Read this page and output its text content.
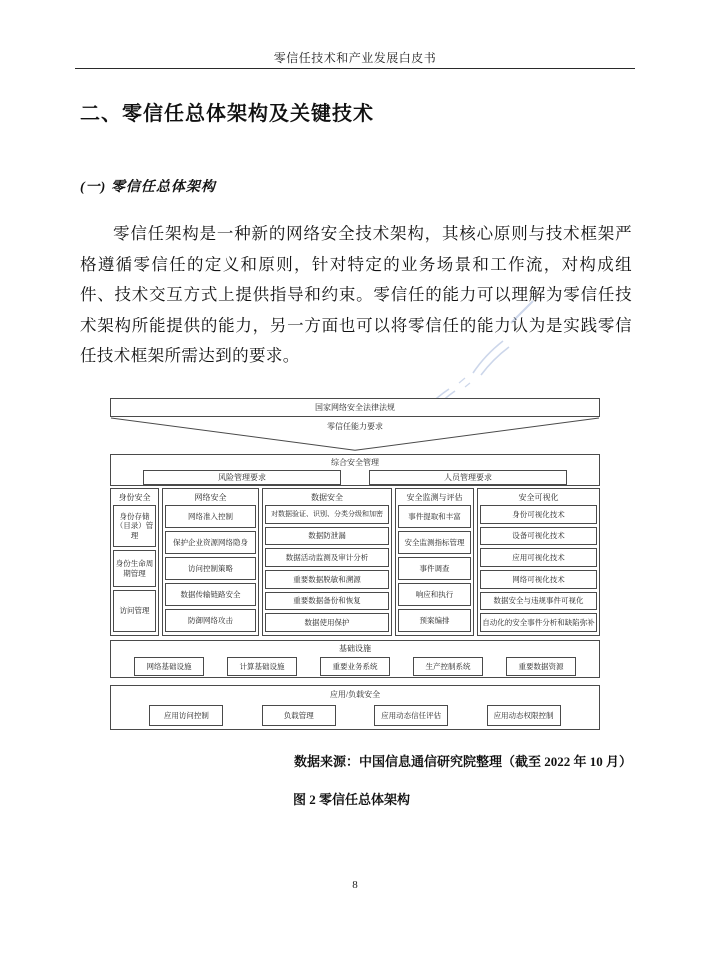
零信任技术和产业发展白皮书
二、零信任总体架构及关键技术
(一) 零信任总体架构
零信任架构是一种新的网络安全技术架构，其核心原则与技术框架严格遵循零信任的定义和原则，针对特定的业务场景和工作流，对构成组件、技术交互方式上提供指导和约束。零信任的能力可以理解为零信任技术架构所能提供的能力，另一方面也可以将零信任的能力认为是实践零信任技术框架所需达到的要求。
国家网络安全法律法规
零信任能力要求
综合安全管理
风险管理要求	人员管理要求
身份安全
身份存储（目录）管理
身份生命周期管理
访问管理
网络安全
网络准入控制
保护企业资源网络隐身
访问控制策略
数据传输链路安全
防御网络攻击
数据安全
对数据验证、识别、分类分级和加密
数据防泄漏
数据活动监测及审计分析
重要数据脱敏和溯源
重要数据备份和恢复
数据使用保护
安全监测与评估
事件提取和丰富
安全监测指标管理
事件调查
响应和执行
预案编排
安全可视化
身份可视化技术
设备可视化技术
应用可视化技术
网络可视化技术
数据安全与违规事件可视化
自动化的安全事件分析和缺陷弥补
基础设施
网络基础设施	计算基础设施	重要业务系统	生产控制系统	重要数据资源
应用/负载安全
应用访问控制	负载管理	应用动态信任评估	应用动态权限控制
数据来源：中国信息通信研究院整理（截至 2022 年 10 月）
图 2 零信任总体架构
8
